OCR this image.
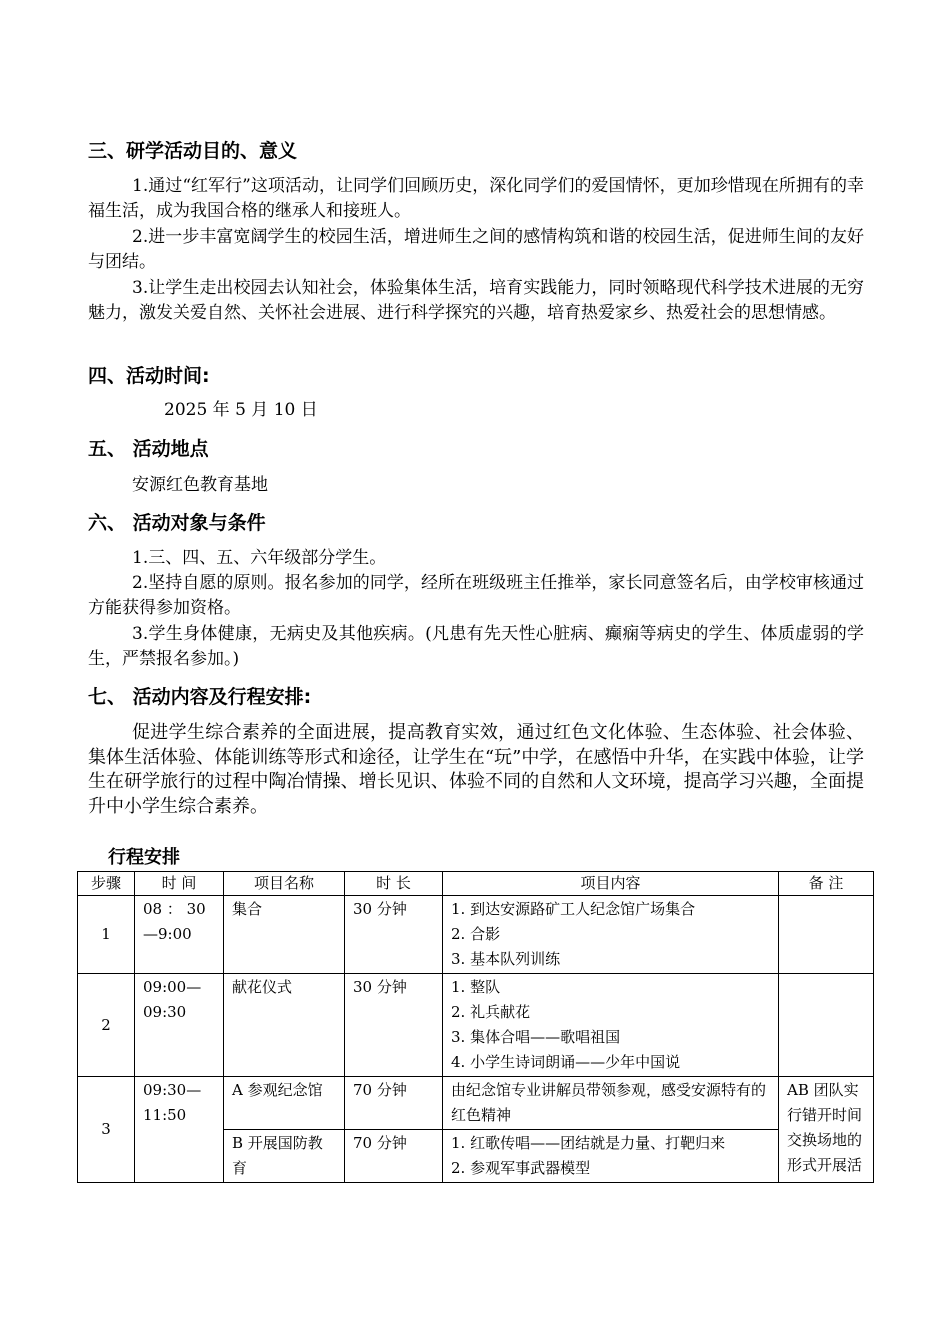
三、研学活动目的、意义

1.通过“红军行”这项活动，让同学们回顾历史，深化同学们的爱国情怀，更加珍惜现在所拥有的幸福生活，成为我国合格的继承人和接班人。

2.进一步丰富宽阔学生的校园生活，增进师生之间的感情构筑和谐的校园生活，促进师生间的友好与团结。

3.让学生走出校园去认知社会，体验集体生活，培育实践能力，同时领略现代科学技术进展的无穷魅力，激发关爱自然、关怀社会进展、进行科学探究的兴趣，培育热爱家乡、热爱社会的思想情感。

四、活动时间:
2025 年 5 月 10 日
五、 活动地点
安源红色教育基地
六、 活动对象与条件

1.三、四、五、六年级部分学生。

2.坚持自愿的原则。报名参加的同学，经所在班级班主任推举，家长同意签名后，由学校审核通过方能获得参加资格。

3.学生身体健康，无病史及其他疾病。(凡患有先天性心脏病、癫痫等病史的学生、体质虚弱的学生，严禁报名参加。)

七、 活动内容及行程安排:

促进学生综合素养的全面进展，提高教育实效，通过红色文化体验、生态体验、社会体验、集体生活体验、体能训练等形式和途径，让学生在“玩”中学，在感悟中升华，在实践中体验，让学生在研学旅行的过程中陶冶情操、增长见识、体验不同的自然和人文环境，提高学习兴趣，全面提升中小学生综合素养。

行程安排
步骤	时 间	项目名称	时 长	项目内容	备 注
1	08 ： 30—9:00	集合	30 分钟	1. 到达安源路矿工人纪念馆广场集合
2. 合影
3. 基本队列训练	

2	09:00—09:30	献花仪式	30 分钟	1. 整队
2. 礼兵献花
3. 集体合唱——歌唱祖国
4. 小学生诗词朗诵——少年中国说	

3	09:30—11:50	A 参观纪念馆	70 分钟	由纪念馆专业讲解员带领参观，感受安源特有的红色精神	AB 团队实行错开时间交换场地的形式开展活
		B 开展国防教育	70 分钟	1. 红歌传唱——团结就是力量、打靶归来
2. 参观军事武器模型	
